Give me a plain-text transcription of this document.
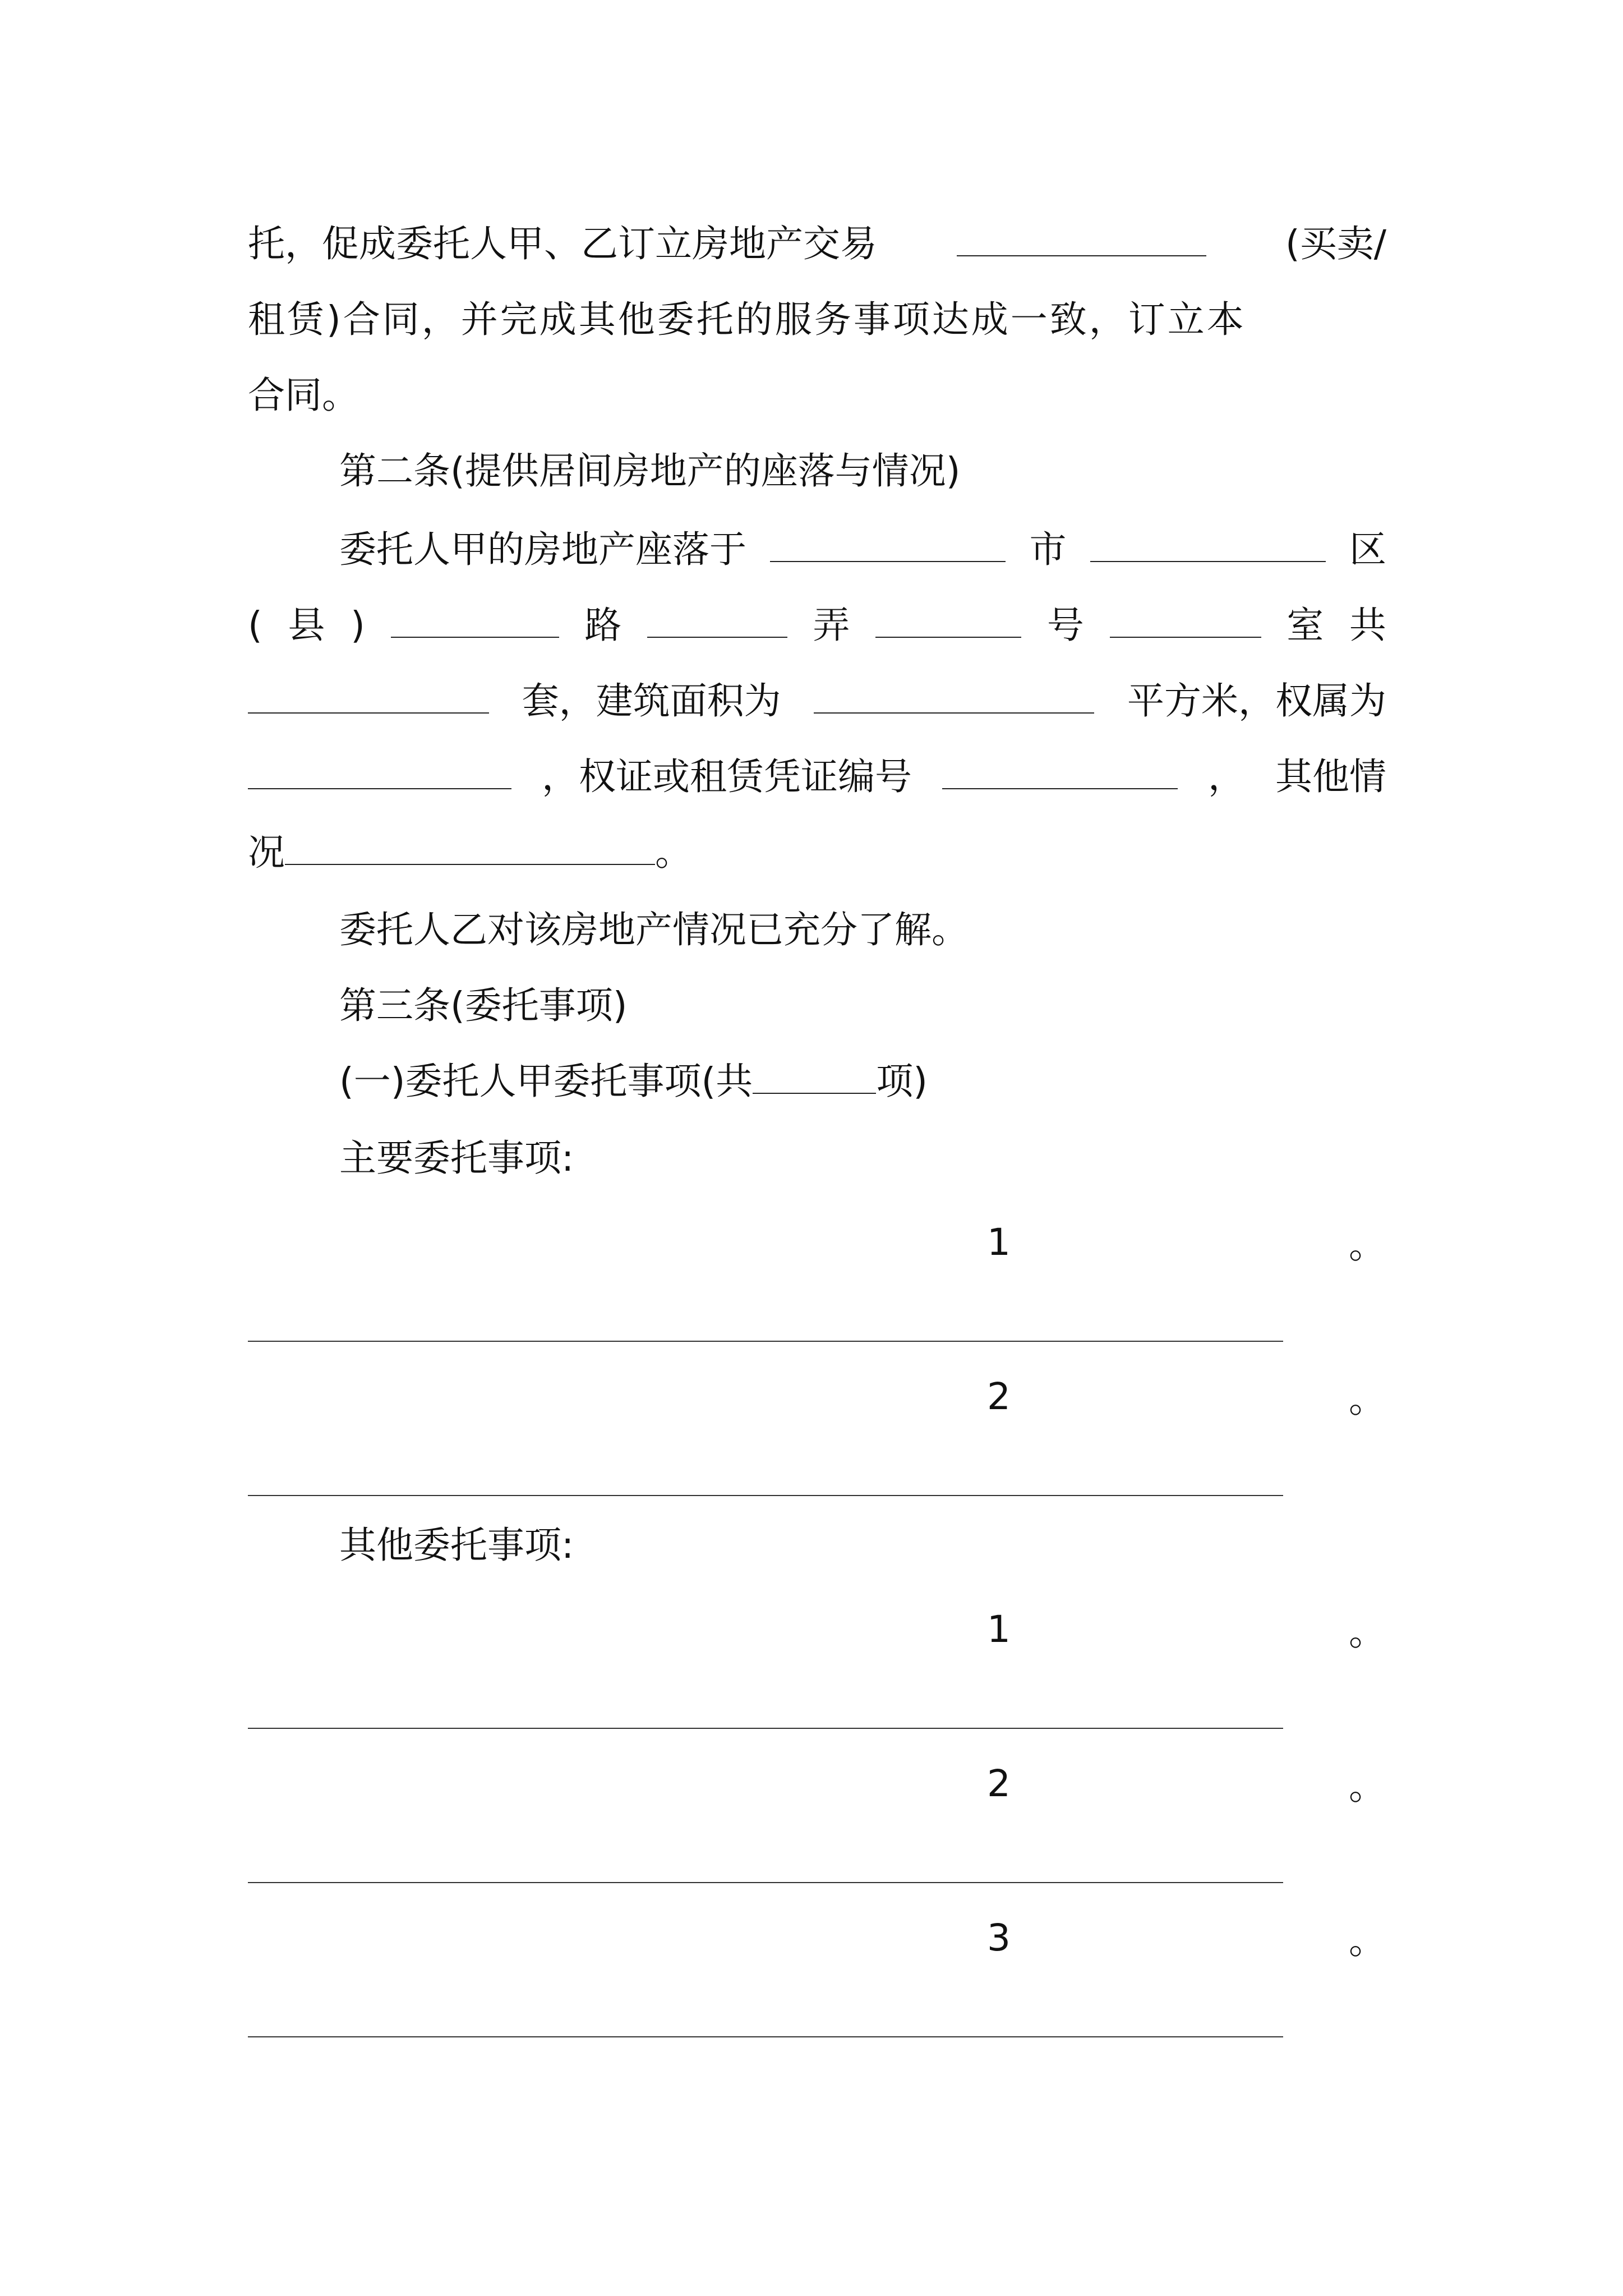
托，促成委托人甲、乙订立房地产交易	(买卖/
租赁)合同，并完成其他委托的服务事项达成一致，订立本
合同。
第二条(提供居间房地产的座落与情况)
委托人甲的房地产座落于	市	区
( 县 )	路	弄	号	室 共
套，建筑面积为	平方米，权属为
，权证或租赁凭证编号	， 其他情
况	。
委托人乙对该房地产情况已充分了解。
第三条(委托事项)
(一)委托人甲委托事项(共	项)
主要委托事项:
1	。
2	。
其他委托事项:
1	。
2	。
3	。
